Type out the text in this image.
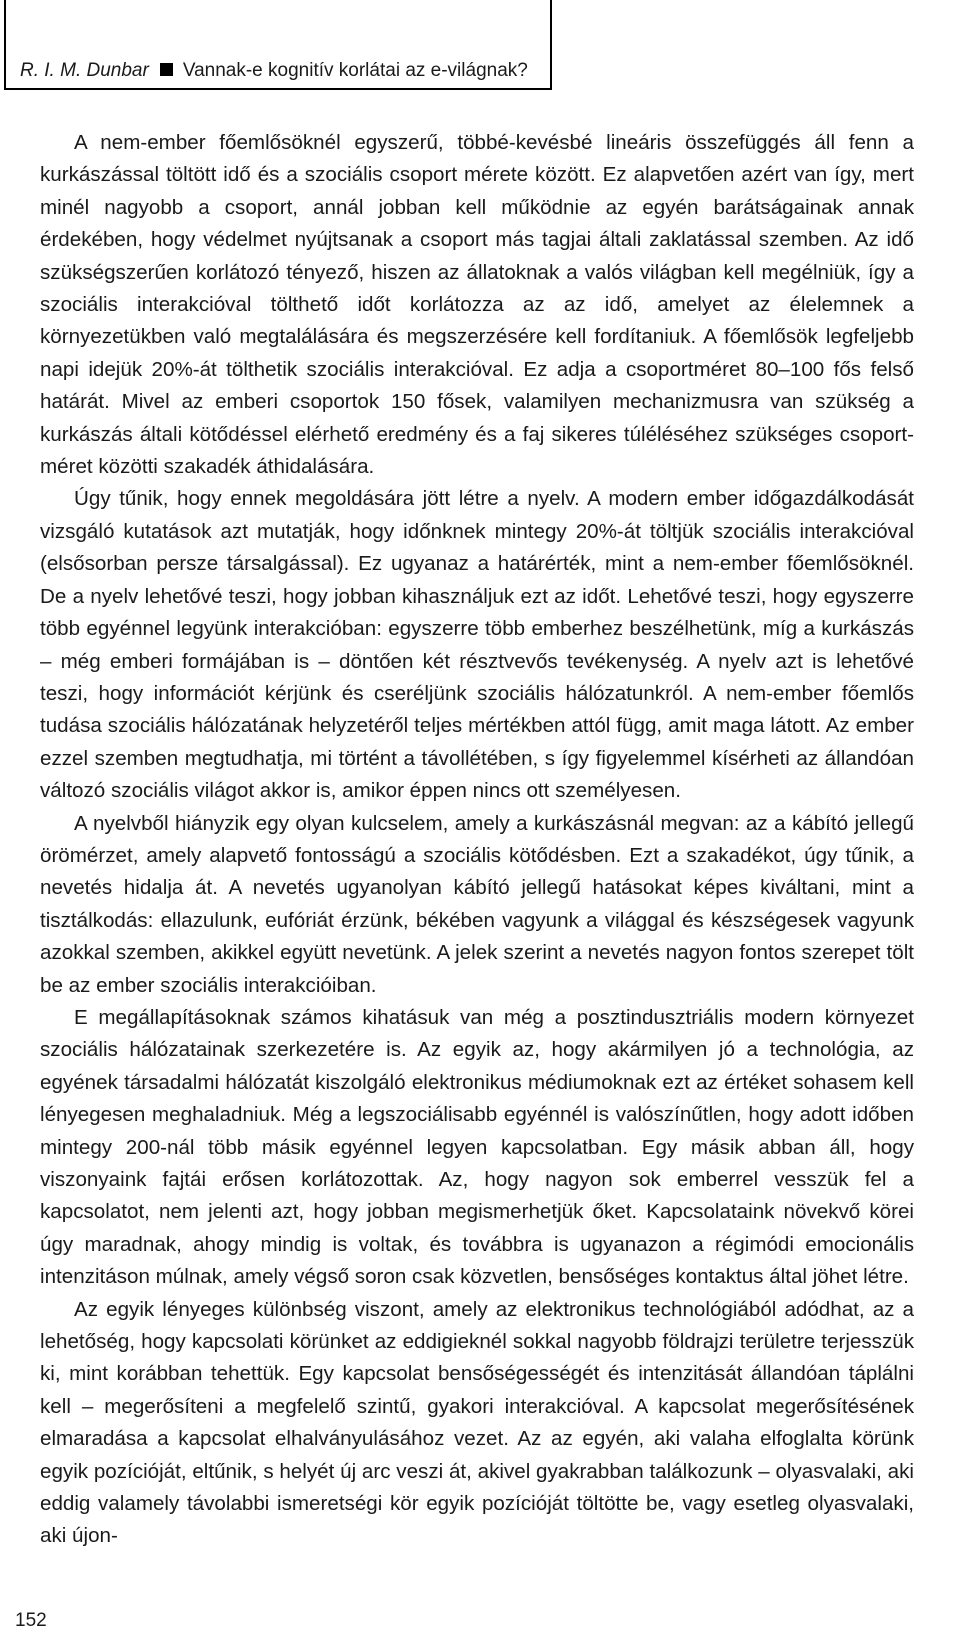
R. I. M. Dunbar Vannak-e kognitív korlátai az e-világnak?

A nem-ember főemlősöknél egyszerű, többé-kevésbé lineáris összefüggés áll fenn a kurkászással töltött idő és a szociális csoport mérete között. Ez alapvetően azért van így, mert minél nagyobb a csoport, annál jobban kell működnie az egyén barátságainak annak érdekében, hogy védelmet nyújtsanak a csoport más tagjai általi zaklatással szemben. Az idő szükségszerűen korlátozó tényező, hiszen az állatoknak a valós világban kell megélniük, így a szociális interakcióval tölthető időt korlátozza az az idő, amelyet az élelemnek a környezetükben való megtalálására és megszerzésére kell fordítaniuk. A főemlősök legfeljebb napi idejük 20%-át tölthetik szociális interakcióval. Ez adja a csoportméret 80–100 fős felső határát. Mivel az emberi csoportok 150 fősek, valamilyen mechanizmusra van szükség a kurkászás általi kötődéssel elérhető eredmény és a faj sikeres túléléséhez szükséges csoportméret közötti szakadék áthidalására.

Úgy tűnik, hogy ennek megoldására jött létre a nyelv. A modern ember időgazdálkodását vizsgáló kutatások azt mutatják, hogy időnknek mintegy 20%-át töltjük szociális interakcióval (elsősorban persze társalgással). Ez ugyanaz a határérték, mint a nem-ember főemlősöknél. De a nyelv lehetővé teszi, hogy jobban kihasználjuk ezt az időt. Lehetővé teszi, hogy egyszerre több egyénnel legyünk interakcióban: egyszerre több emberhez beszélhetünk, míg a kurkászás – még emberi formájában is – döntően két résztvevős tevékenység. A nyelv azt is lehetővé teszi, hogy információt kérjünk és cseréljünk szociális hálózatunkról. A nem-ember főemlős tudása szociális hálózatának helyzetéről teljes mértékben attól függ, amit maga látott. Az ember ezzel szemben megtudhatja, mi történt a távollétében, s így figyelemmel kísérheti az állandóan változó szociális világot akkor is, amikor éppen nincs ott személyesen.

A nyelvből hiányzik egy olyan kulcselem, amely a kurkászásnál megvan: az a kábító jellegű örömérzet, amely alapvető fontosságú a szociális kötődésben. Ezt a szakadékot, úgy tűnik, a nevetés hidalja át. A nevetés ugyanolyan kábító jellegű hatásokat képes kiváltani, mint a tisztálkodás: ellazulunk, eufóriát érzünk, békében vagyunk a világgal és készségesek vagyunk azokkal szemben, akikkel együtt nevetünk. A jelek szerint a nevetés nagyon fontos szerepet tölt be az ember szociális interakcióiban.

E megállapításoknak számos kihatásuk van még a posztindusztriális modern környezet szociális hálózatainak szerkezetére is. Az egyik az, hogy akármilyen jó a technológia, az egyének társadalmi hálózatát kiszolgáló elektronikus médiumoknak ezt az értéket sohasem kell lényegesen meghaladniuk. Még a legszociálisabb egyénnél is valószínűtlen, hogy adott időben mintegy 200-nál több másik egyénnel legyen kapcsolatban. Egy másik abban áll, hogy viszonyaink fajtái erősen korlátozottak. Az, hogy nagyon sok emberrel vesszük fel a kapcsolatot, nem jelenti azt, hogy jobban megismerhetjük őket. Kapcsolataink növekvő körei úgy maradnak, ahogy mindig is voltak, és továbbra is ugyanazon a régimódi emocionális intenzitáson múlnak, amely végső soron csak közvetlen, bensőséges kontaktus által jöhet létre.

Az egyik lényeges különbség viszont, amely az elektronikus technológiából adódhat, az a lehetőség, hogy kapcsolati körünket az eddigieknél sokkal nagyobb földrajzi területre terjesszük ki, mint korábban tehettük. Egy kapcsolat bensőségességét és intenzitását állandóan táplálni kell – megerősíteni a megfelelő szintű, gyakori interakcióval. A kapcsolat megerősítésének elmaradása a kapcsolat elhalványulásához vezet. Az az egyén, aki valaha elfoglalta körünk egyik pozícióját, eltűnik, s helyét új arc veszi át, akivel gyakrabban találkozunk – olyasvalaki, aki eddig valamely távolabbi ismeretségi kör egyik pozícióját töltötte be, vagy esetleg olyasvalaki, aki újon-

152
